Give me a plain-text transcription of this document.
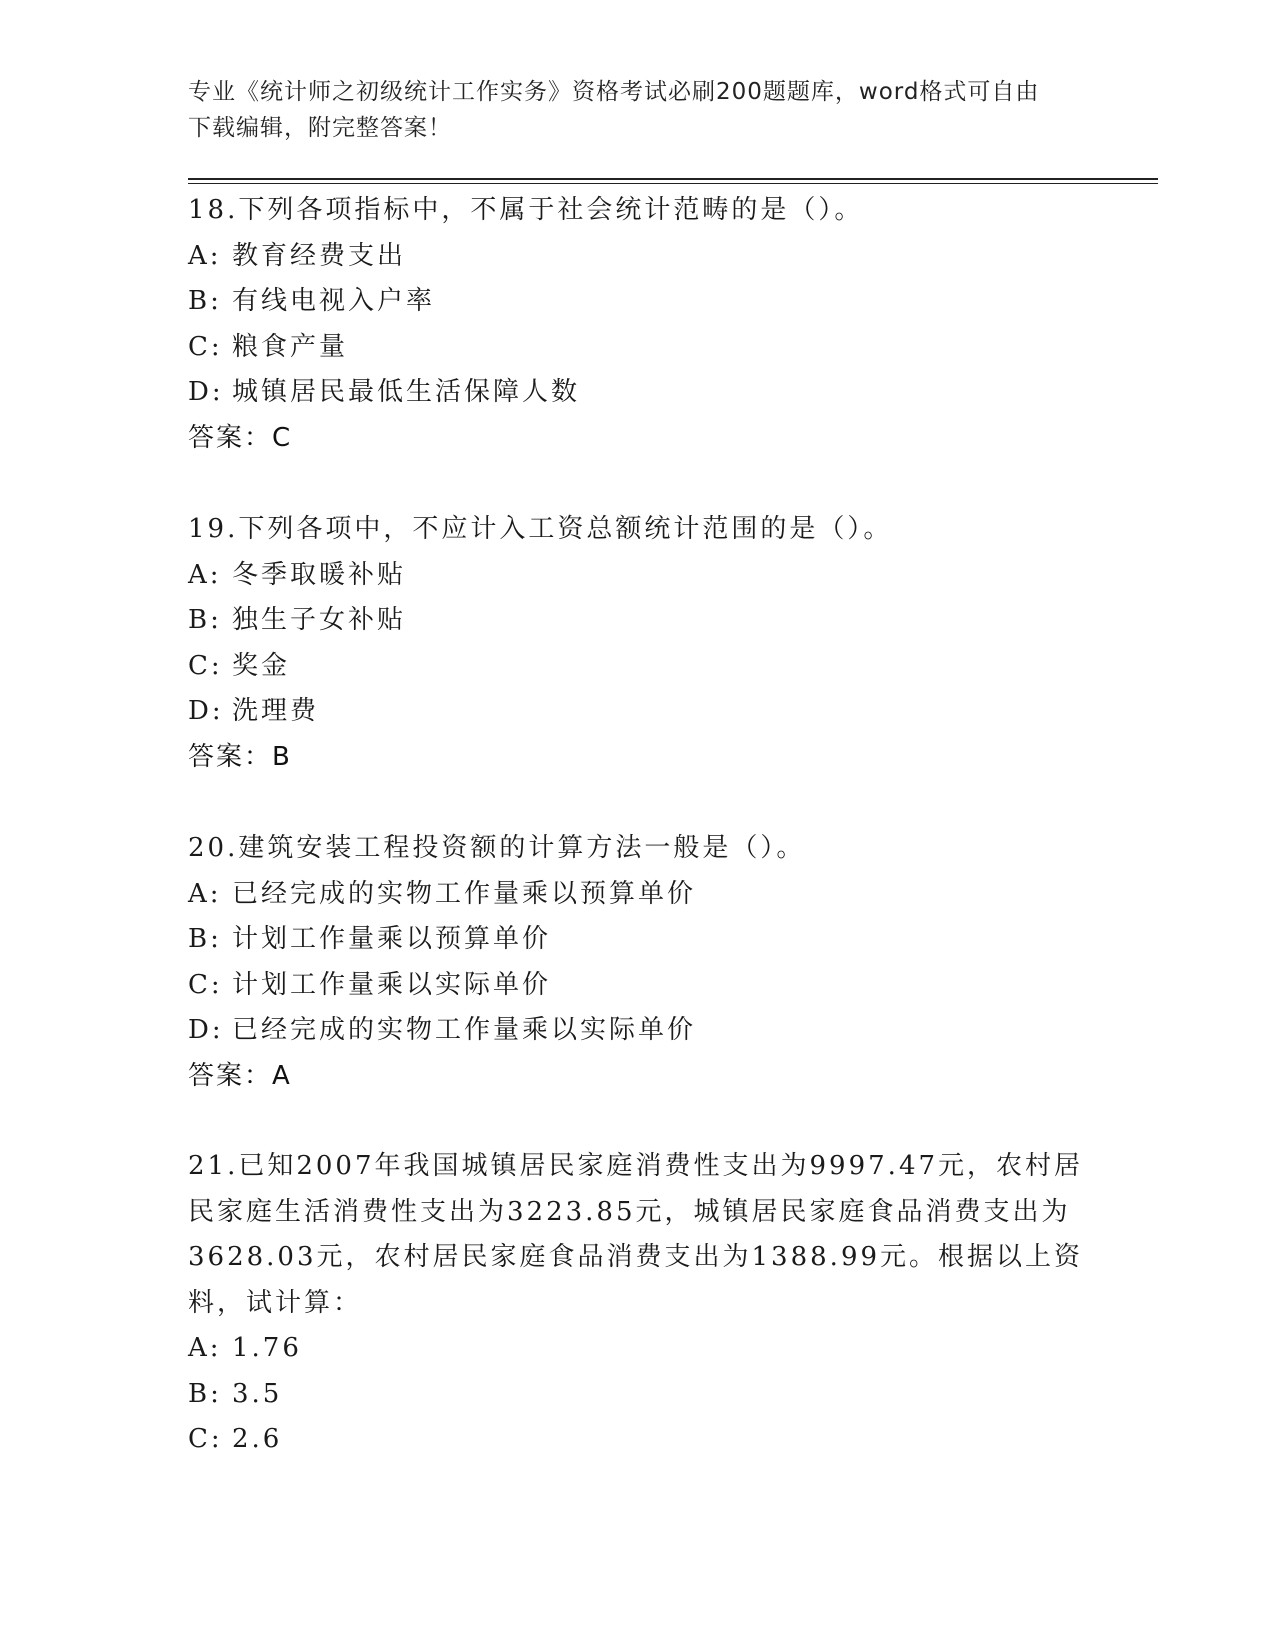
专业《统计师之初级统计工作实务》资格考试必刷200题题库，word格式可自由
下载编辑，附完整答案！
18.下列各项指标中，不属于社会统计范畴的是（）。
A: 教育经费支出
B: 有线电视入户率
C: 粮食产量
D: 城镇居民最低生活保障人数
答案：C
19.下列各项中，不应计入工资总额统计范围的是（）。
A: 冬季取暖补贴
B: 独生子女补贴
C: 奖金
D: 洗理费
答案：B
20.建筑安装工程投资额的计算方法一般是（）。
A: 已经完成的实物工作量乘以预算单价
B: 计划工作量乘以预算单价
C: 计划工作量乘以实际单价
D: 已经完成的实物工作量乘以实际单价
答案：A
21.已知2007年我国城镇居民家庭消费性支出为9997.47元，农村居
民家庭生活消费性支出为3223.85元，城镇居民家庭食品消费支出为
3628.03元，农村居民家庭食品消费支出为1388.99元。根据以上资
料，试计算：
A: 1.76
B: 3.5
C: 2.6
